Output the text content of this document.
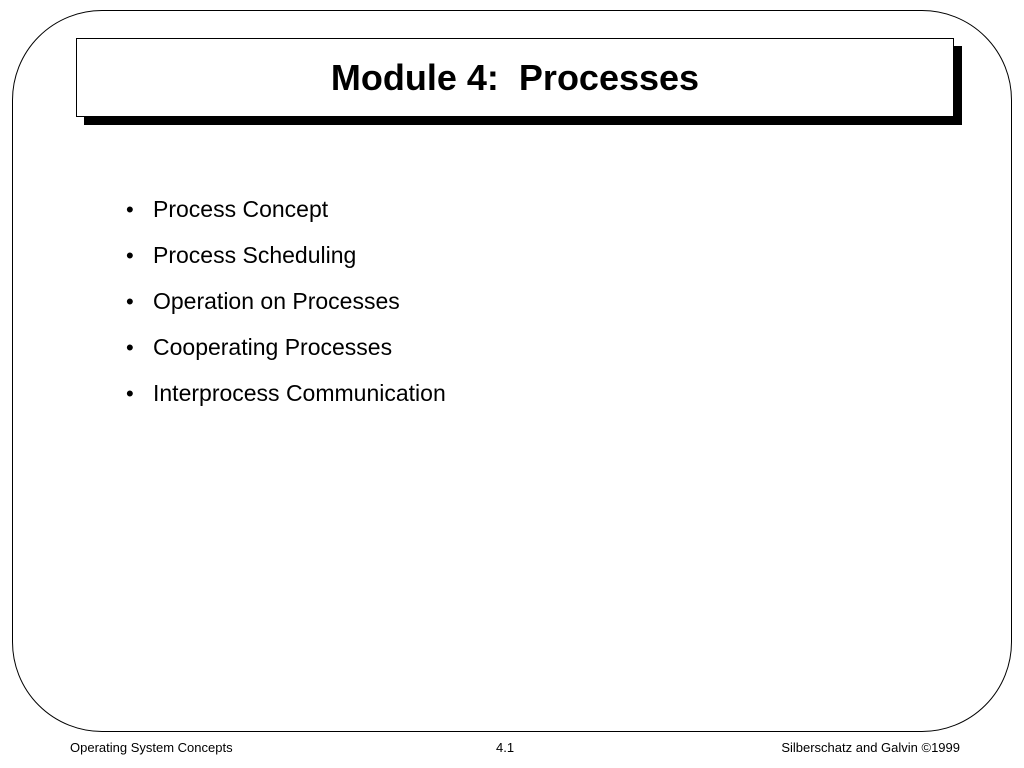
Module 4:  Processes
• Process Concept
• Process Scheduling
• Operation on Processes
• Cooperating Processes
• Interprocess Communication
Operating System Concepts	4.1	Silberschatz and Galvin ©1999
